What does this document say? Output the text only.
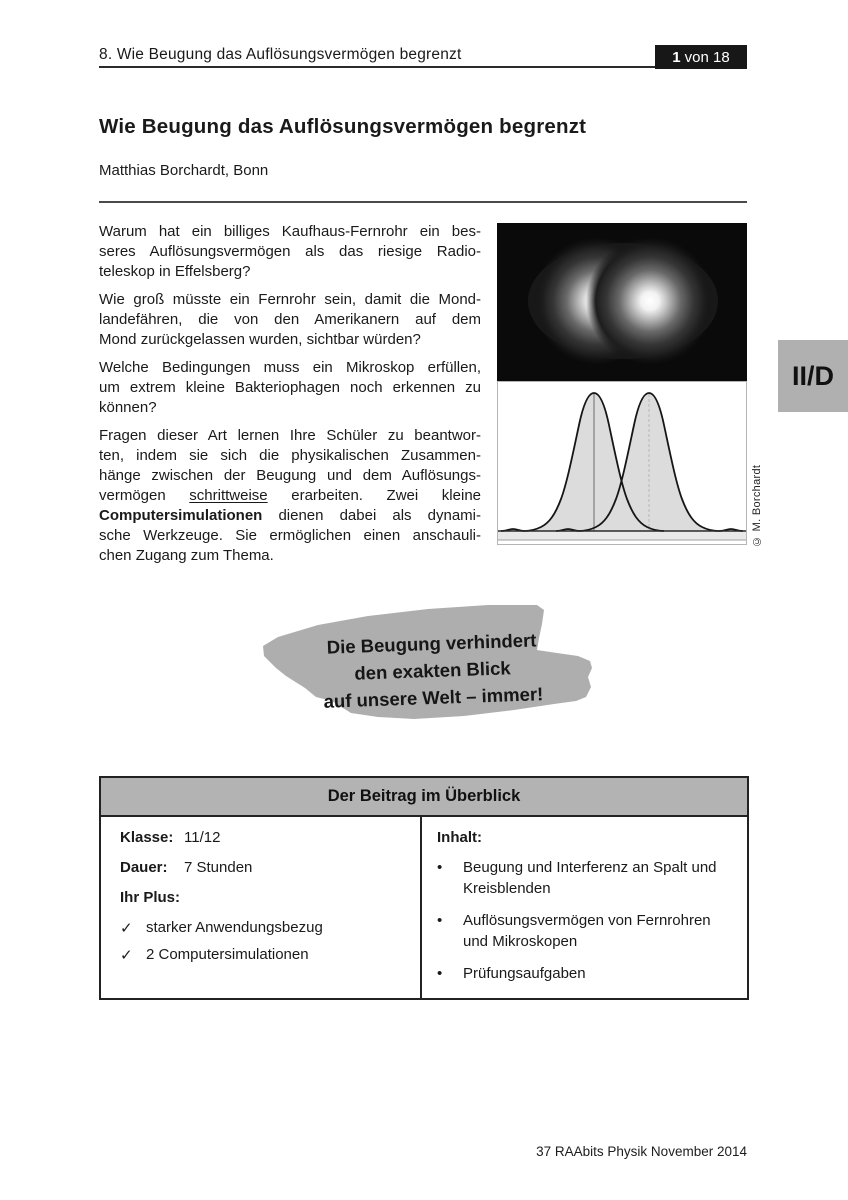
8. Wie Beugung das Auflösungsvermögen begrenzt	1 von 18
Wie Beugung das Auflösungsvermögen begrenzt
Matthias Borchardt, Bonn
Warum hat ein billiges Kaufhaus-Fernrohr ein bes-
seres Auflösungsvermögen als das riesige Radio-
teleskop in Effelsberg?
Wie groß müsste ein Fernrohr sein, damit die Mond-
landefähren, die von den Amerikanern auf dem
Mond zurückgelassen wurden, sichtbar würden?
Welche Bedingungen muss ein Mikroskop erfüllen,
um extrem kleine Bakteriophagen noch erkennen zu
können?
Fragen dieser Art lernen Ihre Schüler zu beantwor-
ten, indem sie sich die physikalischen Zusammen-
hänge zwischen der Beugung und dem Auflösungs-
vermögen schrittweise erarbeiten. Zwei kleine
Computersimulationen dienen dabei als dynami-
sche Werkzeuge. Sie ermöglichen einen anschauli-
chen Zugang zum Thema.
© M. Borchardt
II/D
Die Beugung verhindert
den exakten Blick
auf unsere Welt – immer!
Der Beitrag im Überblick
Klasse: 11/12
Dauer:	7 Stunden
Ihr Plus:
✓ starker Anwendungsbezug
✓ 2 Computersimulationen
Inhalt:
•	Beugung und Interferenz an Spalt und
Kreisblenden
•	Auflösungsvermögen von Fernrohren
und Mikroskopen
•	Prüfungsaufgaben
37 RAAbits Physik November 2014
